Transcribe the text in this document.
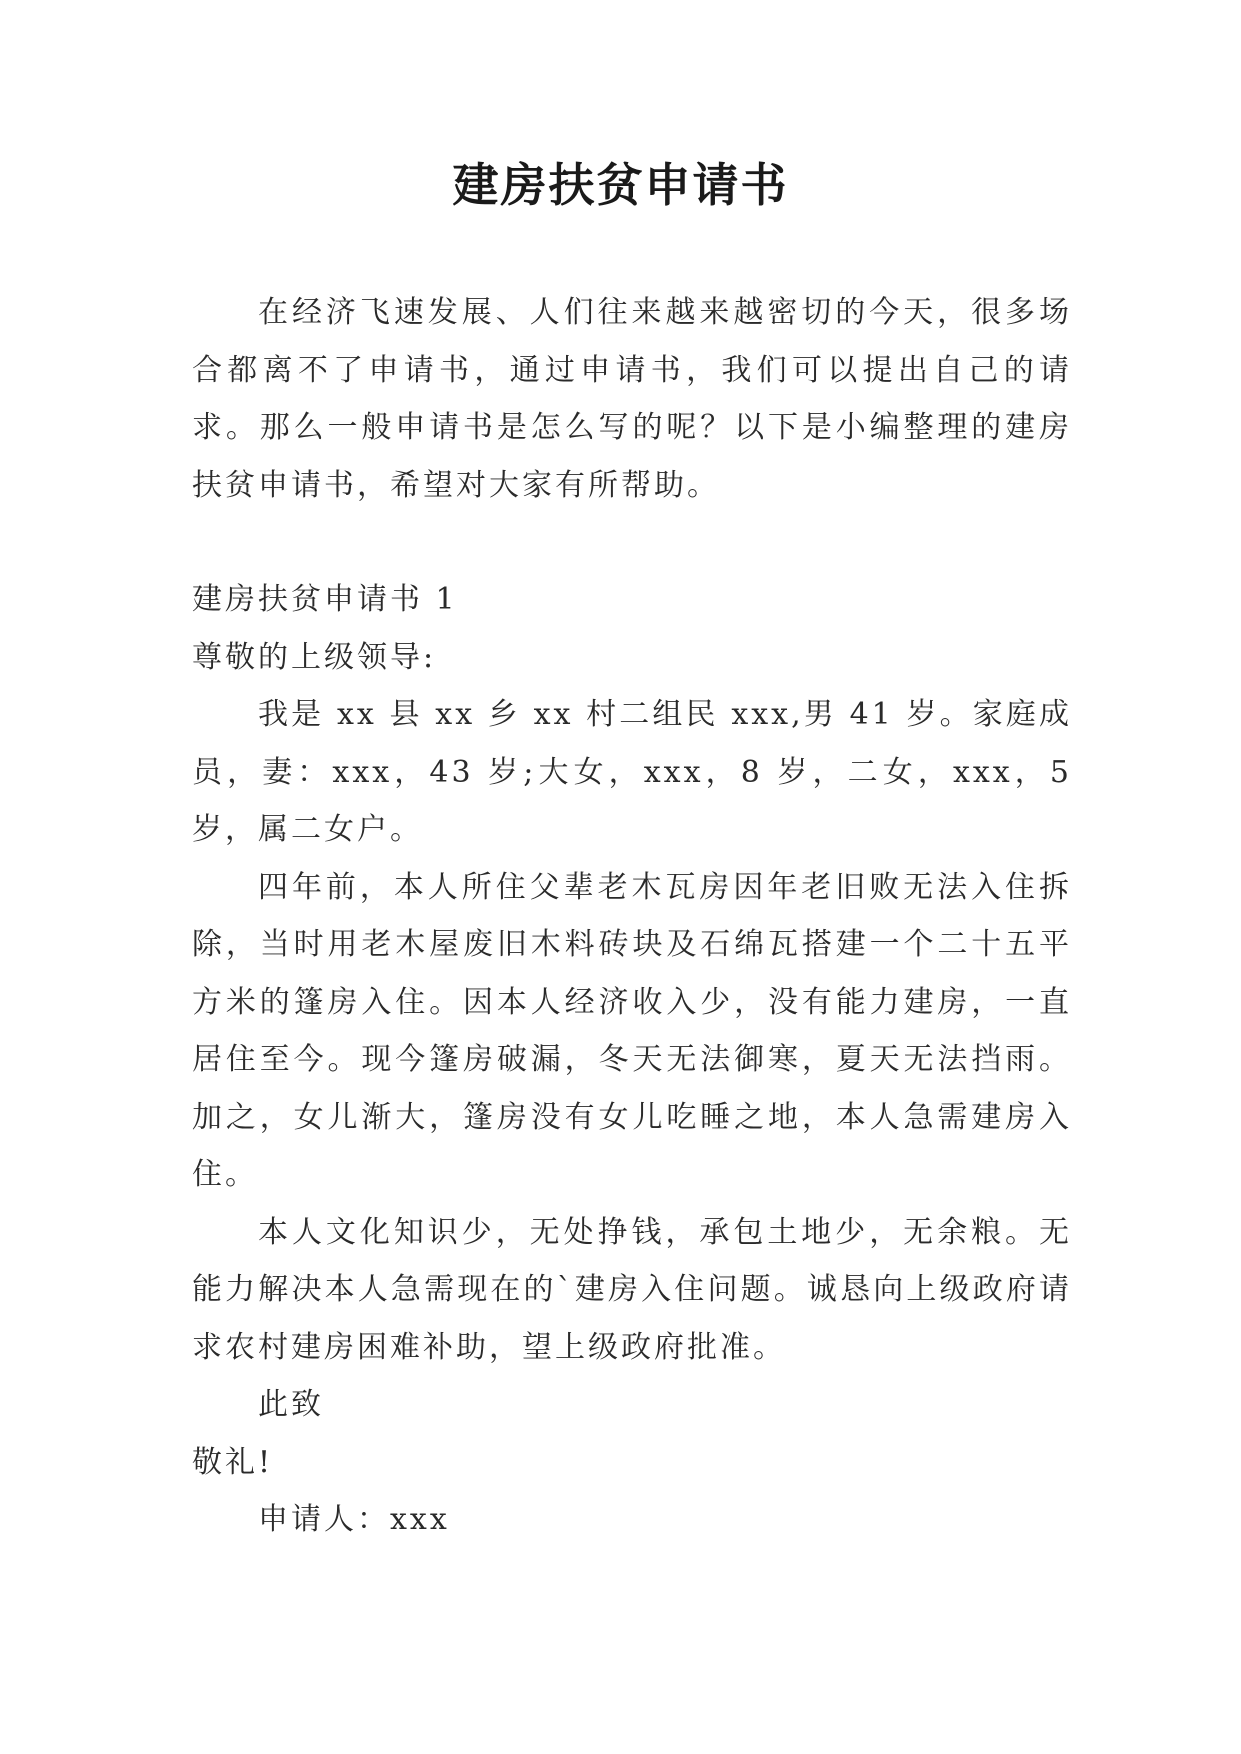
建房扶贫申请书

在经济飞速发展、人们往来越来越密切的今天，很多场合都离不了申请书，通过申请书，我们可以提出自己的请求。那么一般申请书是怎么写的呢？以下是小编整理的建房扶贫申请书，希望对大家有所帮助。

建房扶贫申请书 1

尊敬的上级领导:

我是 xx 县 xx 乡 xx 村二组民 xxx,男 41 岁。家庭成员，妻：xxx，43 岁;大女，xxx，8 岁，二女，xxx，5 岁，属二女户。

四年前，本人所住父辈老木瓦房因年老旧败无法入住拆除，当时用老木屋废旧木料砖块及石绵瓦搭建一个二十五平方米的篷房入住。因本人经济收入少，没有能力建房，一直居住至今。现今篷房破漏，冬天无法御寒，夏天无法挡雨。加之，女儿渐大，篷房没有女儿吃睡之地，本人急需建房入住。

本人文化知识少，无处挣钱，承包土地少，无余粮。无能力解决本人急需现在的`建房入住问题。诚恳向上级政府请求农村建房困难补助，望上级政府批准。

此致

敬礼!

申请人：xxx
